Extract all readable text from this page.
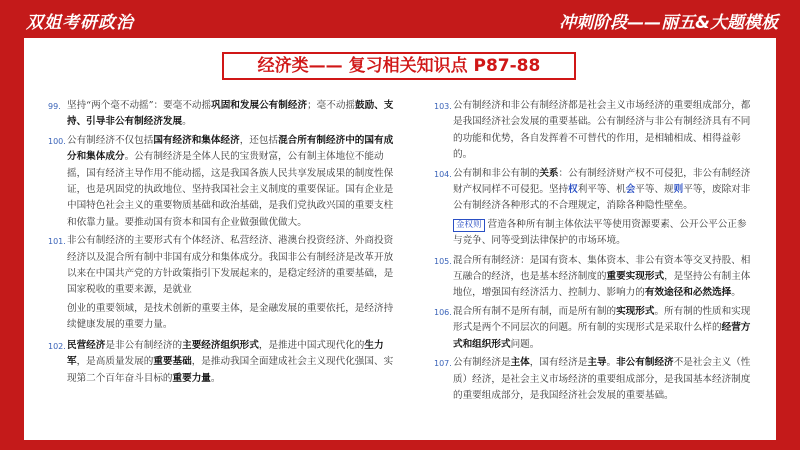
双姐考研政治	冲刺阶段——丽五&大题模板
经济类—— 复习相关知识点 P87-88
99. 坚持“两个毫不动摇”：要毫不动摇巩固和发展公有制经济；毫不动摇鼓励、支持、引导非公有制经济发展。
100. 公有制经济不仅包括国有经济和集体经济，还包括混合所有制经济中的国有成分和集体成分。公有制经济是全体人民的宝贵财富，公有制主体地位不能动摇，国有经济主导作用不能动摇，这是我国各族人民共享发展成果的制度性保证，也是巩固党的执政地位、坚持我国社会主义制度的重要保证。国有企业是中国特色社会主义的重要物质基础和政治基础，是我们党执政兴国的重要支柱和依靠力量。要推动国有资本和国有企业做强做优做大。
101. 非公有制经济的主要形式有个体经济、私营经济、港澳台投资经济、外商投资经济以及混合所有制中非国有成分和集体成分。我国非公有制经济是改革开放以来在中国共产党的方针政策指引下发展起来的，是稳定经济的重要基础，是国家税收的重要来源，是就业
创业的重要领域，是技术创新的重要主体，是金融发展的重要依托，是经济持续健康发展的重要力量。
102. 民营经济是非公有制经济的主要经济组织形式，是推进中国式现代化的生力军，是高质量发展的重要基础，是推动我国全面建成社会主义现代化强国、实现第二个百年奋斗目标的重要力量。
103. 公有制经济和非公有制经济都是社会主义市场经济的重要组成部分，都是我国经济社会发展的重要基础。公有制经济与非公有制经济具有不同的功能和优势，各自发挥着不可替代的作用，是相辅相成、相得益彰的。
104. 公有制和非公有制的关系：公有制经济财产权不可侵犯，非公有制经济财产权同样不可侵犯。坚持权利平等、机会平等、规则平等，废除对非公有制经济各种形式的不合理规定，消除各种隐性壁垒。
金权则 营造各种所有制主体依法平等使用资源要素、公开公平公正参与竞争、同等受到法律保护的市场环境。
105. 混合所有制经济：是国有资本、集体资本、非公有资本等交叉持股、相互融合的经济，也是基本经济制度的重要实现形式，是坚持公有制主体地位，增强国有经济活力、控制力、影响力的有效途径和必然选择。
106. 混合所有制不是所有制，而是所有制的实现形式。所有制的性质和实现形式是两个不同层次的问题。所有制的实现形式是采取什么样的经营方式和组织形式问题。
107. 公有制经济是主体，国有经济是主导。非公有制经济不是社会主义（性质）经济，是社会主义市场经济的重要组成部分，是我国基本经济制度的重要组成部分，是我国经济社会发展的重要基础。
